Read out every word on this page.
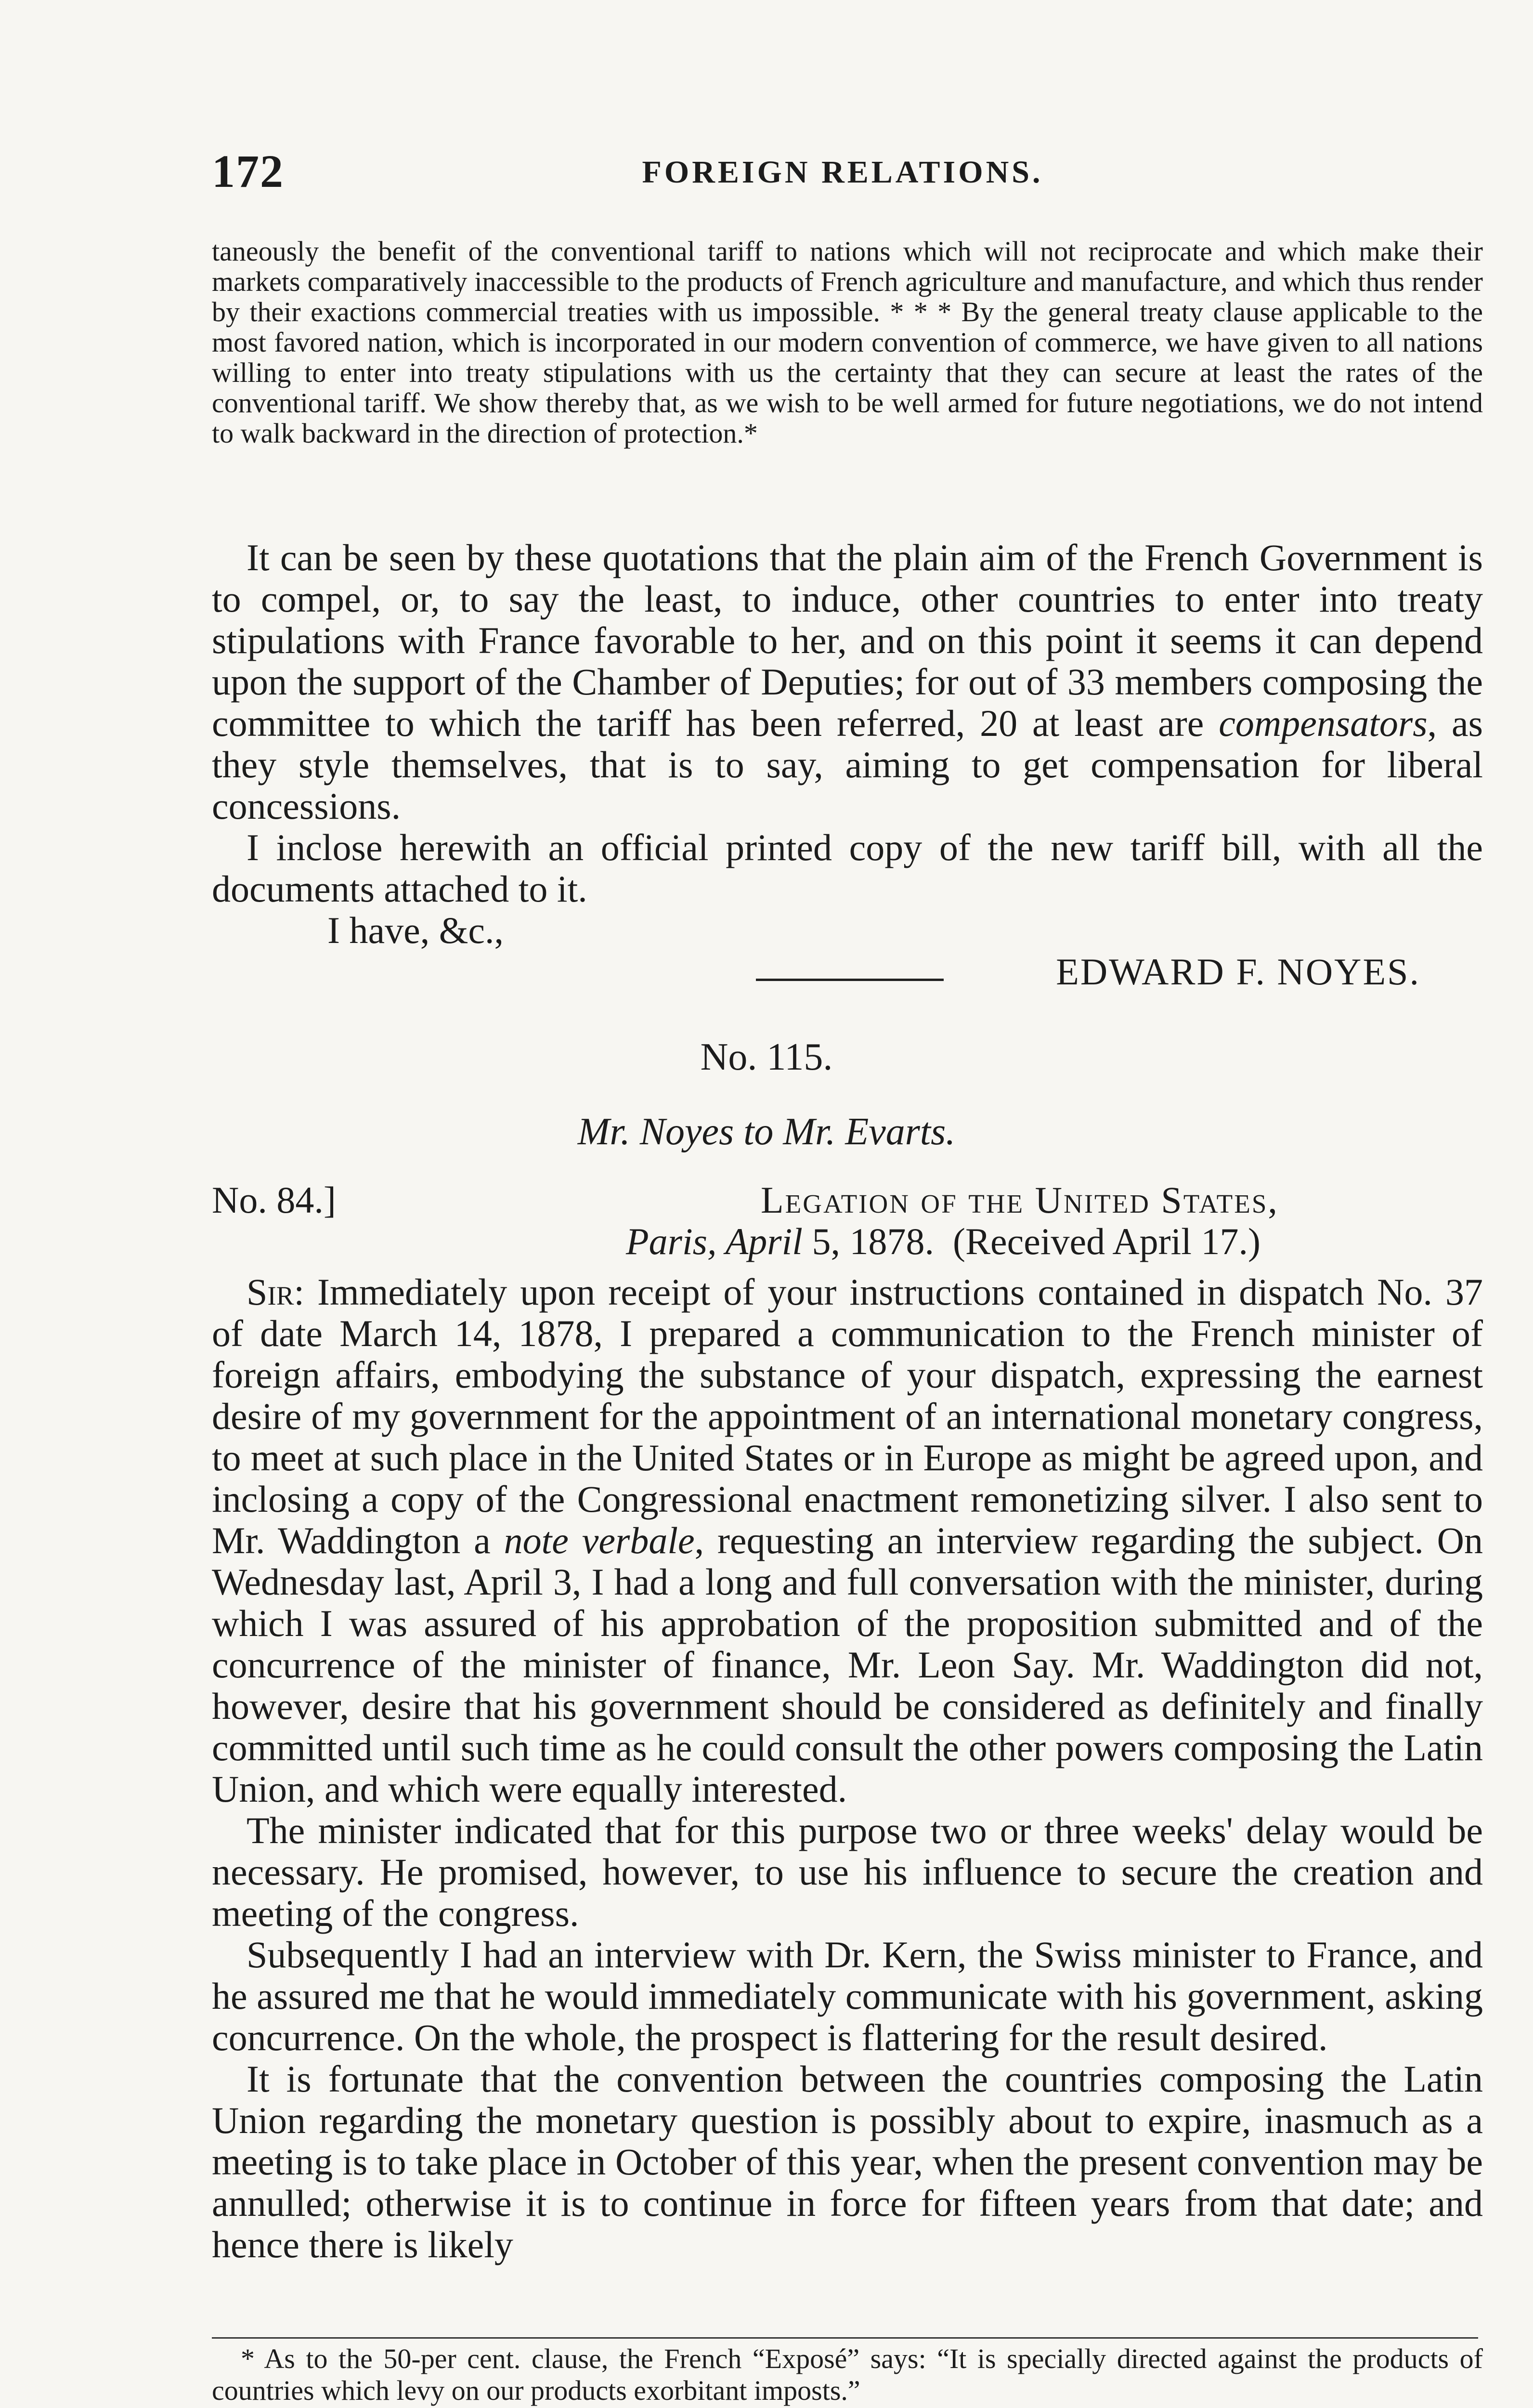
172	FOREIGN RELATIONS.
taneously the benefit of the conventional tariff to nations which will not reciprocate and which make their markets comparatively inaccessible to the products of French agriculture and manufacture, and which thus render by their exactions commercial treaties with us impossible. * * * By the general treaty clause applicable to the most favored nation, which is incorporated in our modern convention of commerce, we have given to all nations willing to enter into treaty stipulations with us the certainty that they can secure at least the rates of the conventional tariff. We show thereby that, as we wish to be well armed for future negotiations, we do not intend to walk backward in the direction of protection.*

It can be seen by these quotations that the plain aim of the French Government is to compel, or, to say the least, to induce, other countries to enter into treaty stipulations with France favorable to her, and on this point it seems it can depend upon the support of the Chamber of Deputies; for out of 33 members composing the committee to which the tariff has been referred, 20 at least are compensators, as they style themselves, that is to say, aiming to get compensation for liberal concessions.

I inclose herewith an official printed copy of the new tariff bill, with all the documents attached to it.

I have, &c.,

EDWARD F. NOYES.

No. 115.
Mr. Noyes to Mr. Evarts.
No. 84.]	Legation of the United States,
Paris, April 5, 1878. (Received April 17.)

Sir: Immediately upon receipt of your instructions contained in dispatch No. 37 of date March 14, 1878, I prepared a communication to the French minister of foreign affairs, embodying the substance of your dispatch, expressing the earnest desire of my government for the appointment of an international monetary congress, to meet at such place in the United States or in Europe as might be agreed upon, and inclosing a copy of the Congressional enactment remonetizing silver. I also sent to Mr. Waddington a note verbale, requesting an interview regarding the subject. On Wednesday last, April 3, I had a long and full conversation with the minister, during which I was assured of his approbation of the proposition submitted and of the concurrence of the minister of finance, Mr. Leon Say. Mr. Waddington did not, however, desire that his government should be considered as definitely and finally committed until such time as he could consult the other powers composing the Latin Union, and which were equally interested.

The minister indicated that for this purpose two or three weeks' delay would be necessary. He promised, however, to use his influence to secure the creation and meeting of the congress.

Subsequently I had an interview with Dr. Kern, the Swiss minister to France, and he assured me that he would immediately communicate with his government, asking concurrence. On the whole, the prospect is flattering for the result desired.

It is fortunate that the convention between the countries composing the Latin Union regarding the monetary question is possibly about to expire, inasmuch as a meeting is to take place in October of this year, when the present convention may be annulled; otherwise it is to continue in force for fifteen years from that date; and hence there is likely

* As to the 50-per cent. clause, the French “Exposé” says: “It is specially directed against the products of countries which levy on our products exorbitant imposts.”
